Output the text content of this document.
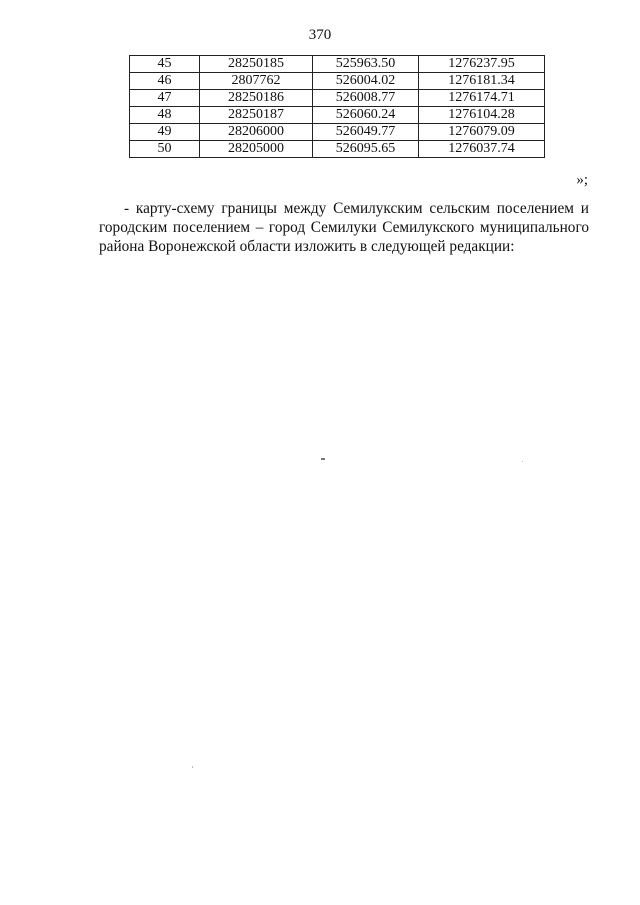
370
45	28250185	525963.50	1276237.95
46	2807762	526004.02	1276181.34
47	28250186	526008.77	1276174.71
48	28250187	526060.24	1276104.28
49	28206000	526049.77	1276079.09
50	28205000	526095.65	1276037.74
»;

- карту-схему границы между Семилукским сельским поселением и городским поселением – город Семилуки Семилукского муниципального района Воронежской области изложить в следующей редакции:
